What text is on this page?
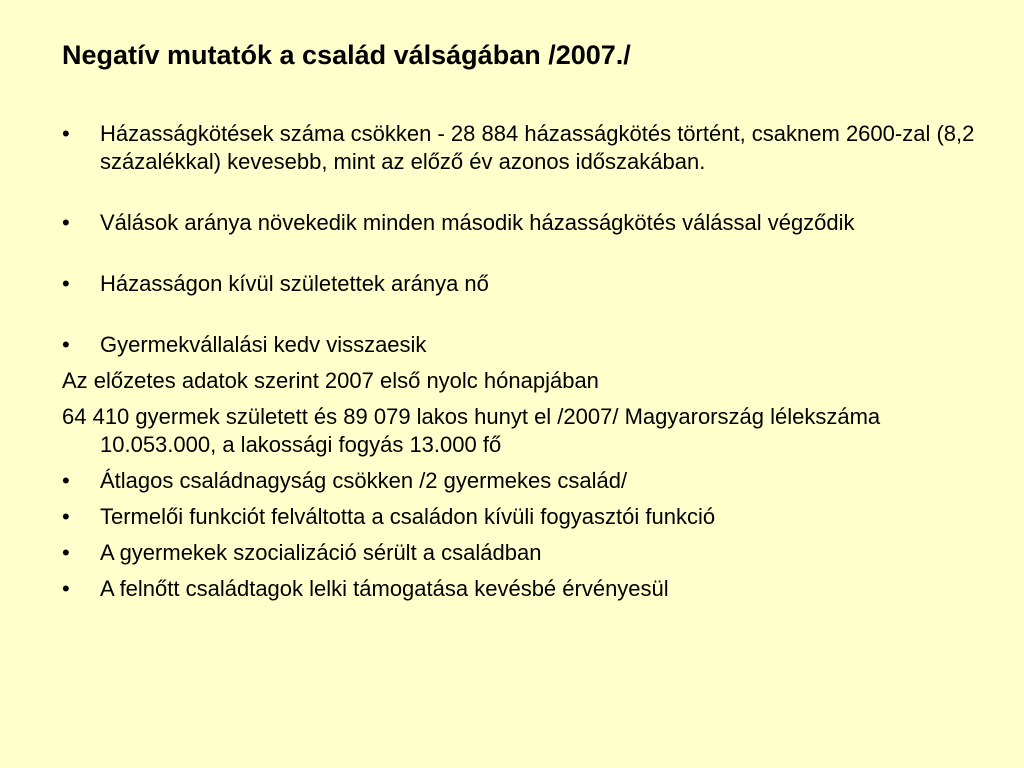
Negatív mutatók a család válságában /2007./
• Házasságkötések száma csökken - 28 884 házasságkötés történt, csaknem 2600-zal (8,2 százalékkal) kevesebb, mint az előző év azonos időszakában.
• Válások aránya növekedik minden második házasságkötés válással végződik
• Házasságon kívül születettek aránya nő
• Gyermekvállalási kedv visszaesik
Az előzetes adatok szerint 2007 első nyolc hónapjában
64 410 gyermek született és 89 079 lakos hunyt el /2007/ Magyarország lélekszáma 10.053.000, a lakossági fogyás 13.000 fő
• Átlagos családnagyság csökken /2 gyermekes család/
• Termelői funkciót felváltotta a családon kívüli fogyasztói funkció
• A gyermekek szocializáció sérült a családban
• A felnőtt családtagok lelki támogatása kevésbé érvényesül
